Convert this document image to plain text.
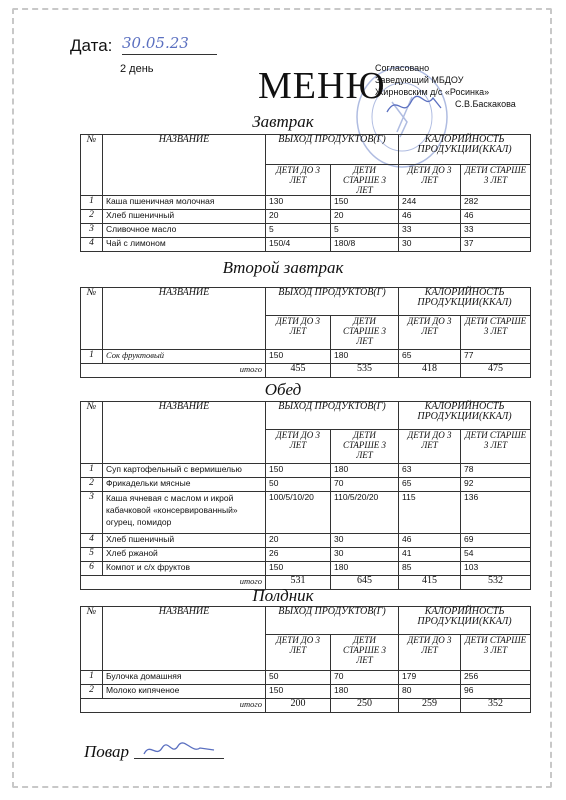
Дата: 30.05.23
2 день	МЕНЮ
Согласовано
Заведующий МБДОУ
Жирновским д/с «Росинка»
С.В.Баскакова
Завтрак
№	НАЗВАНИЕ	ВЫХОД ПРОДУКТОВ(Г)		КАЛОРИЙНОСТЬ ПРОДУКЦИИ(ККАЛ)	
		ДЕТИ ДО 3 ЛЕТ	ДЕТИ СТАРШЕ 3 ЛЕТ	ДЕТИ ДО 3 ЛЕТ	ДЕТИ СТАРШЕ 3 ЛЕТ
1	Каша пшеничная молочная	130	150	244	282
2	Хлеб пшеничный	20	20	46	46
3	Сливочное масло	5	5	33	33
4	Чай с лимоном	150/4	180/8	30	37
Второй завтрак
№	НАЗВАНИЕ	ВЫХОД ПРОДУКТОВ(Г)		КАЛОРИЙНОСТЬ ПРОДУКЦИИ(ККАЛ)	
		ДЕТИ ДО 3 ЛЕТ	ДЕТИ СТАРШЕ 3 ЛЕТ	ДЕТИ ДО 3 ЛЕТ	ДЕТИ СТАРШЕ 3 ЛЕТ
1	Сок фруктовый	150	180	65	77
итого		455	535	418	475
Обед
№	НАЗВАНИЕ	ВЫХОД ПРОДУКТОВ(Г)		КАЛОРИЙНОСТЬ ПРОДУКЦИИ(ККАЛ)	
		ДЕТИ ДО 3 ЛЕТ	ДЕТИ СТАРШЕ 3 ЛЕТ	ДЕТИ ДО 3 ЛЕТ	ДЕТИ СТАРШЕ 3 ЛЕТ
1	Суп картофельный с вермишелью	150	180	63	78
2	Фрикадельки мясные	50	70	65	92
3	Каша ячневая с маслом и икрой кабачковой «консервированный» огурец, помидор	100/5/10/20	110/5/20/20	115	136
4	Хлеб пшеничный	20	30	46	69
5	Хлеб ржаной	26	30	41	54
6	Компот и с/х фруктов	150	180	85	103
итого		531	645	415	532
Полдник
№	НАЗВАНИЕ	ВЫХОД ПРОДУКТОВ(Г)		КАЛОРИЙНОСТЬ ПРОДУКЦИИ(ККАЛ)	
		ДЕТИ ДО 3 ЛЕТ	ДЕТИ СТАРШЕ 3 ЛЕТ	ДЕТИ ДО 3 ЛЕТ	ДЕТИ СТАРШЕ 3 ЛЕТ
1	Булочка домашняя	50	70	179	256
2	Молоко кипяченое	150	180	80	96
итого		200	250	259	352
Повар
